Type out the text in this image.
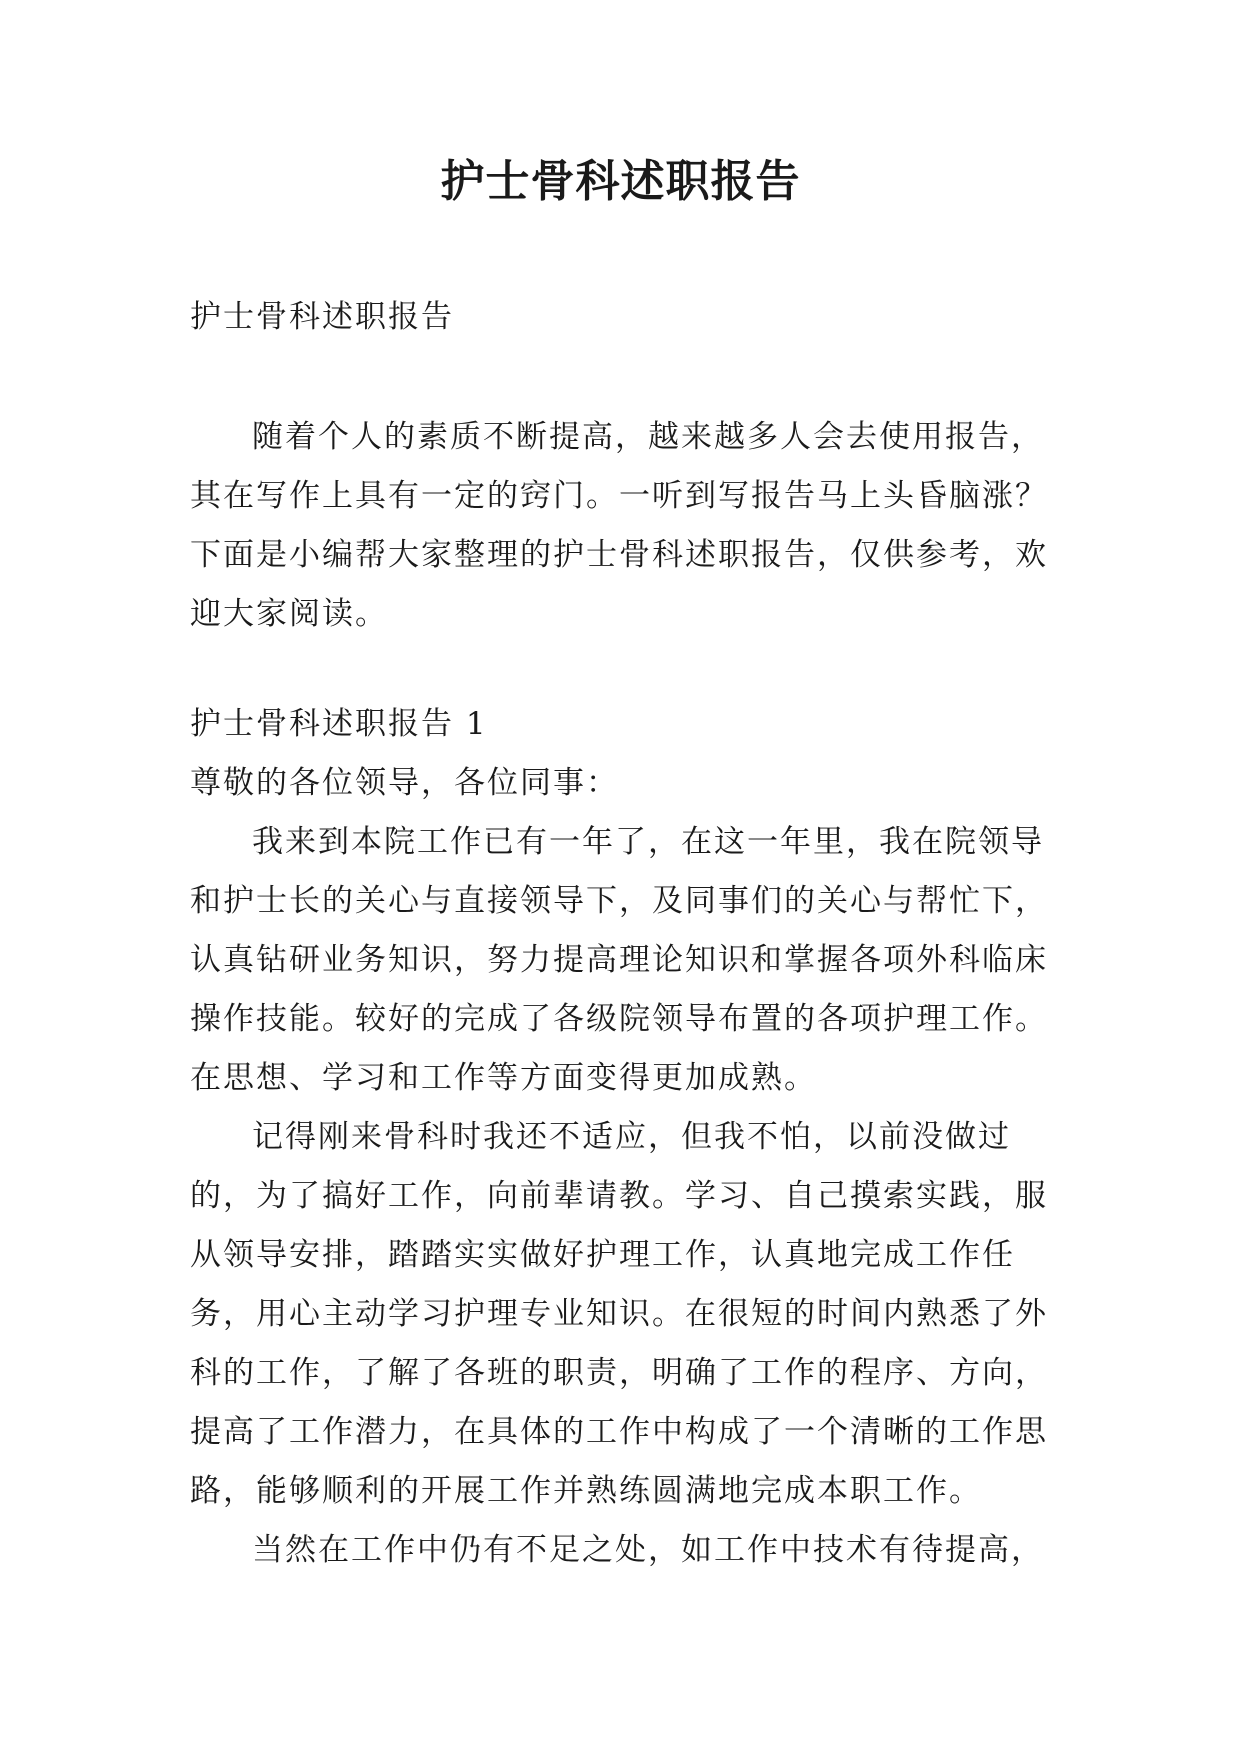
护士骨科述职报告
护士骨科述职报告

随着个人的素质不断提高，越来越多人会去使用报告，其在写作上具有一定的窍门。一听到写报告马上头昏脑涨？下面是小编帮大家整理的护士骨科述职报告，仅供参考，欢迎大家阅读。

护士骨科述职报告 1

尊敬的各位领导，各位同事：

我来到本院工作已有一年了，在这一年里，我在院领导和护士长的关心与直接领导下，及同事们的关心与帮忙下，认真钻研业务知识，努力提高理论知识和掌握各项外科临床操作技能。较好的完成了各级院领导布置的各项护理工作。在思想、学习和工作等方面变得更加成熟。

记得刚来骨科时我还不适应，但我不怕，以前没做过的，为了搞好工作，向前辈请教。学习、自己摸索实践，服从领导安排，踏踏实实做好护理工作，认真地完成工作任务，用心主动学习护理专业知识。在很短的时间内熟悉了外科的工作，了解了各班的职责，明确了工作的程序、方向，提高了工作潜力，在具体的工作中构成了一个清晰的工作思路，能够顺利的开展工作并熟练圆满地完成本职工作。

当然在工作中仍有不足之处，如工作中技术有待提高，
